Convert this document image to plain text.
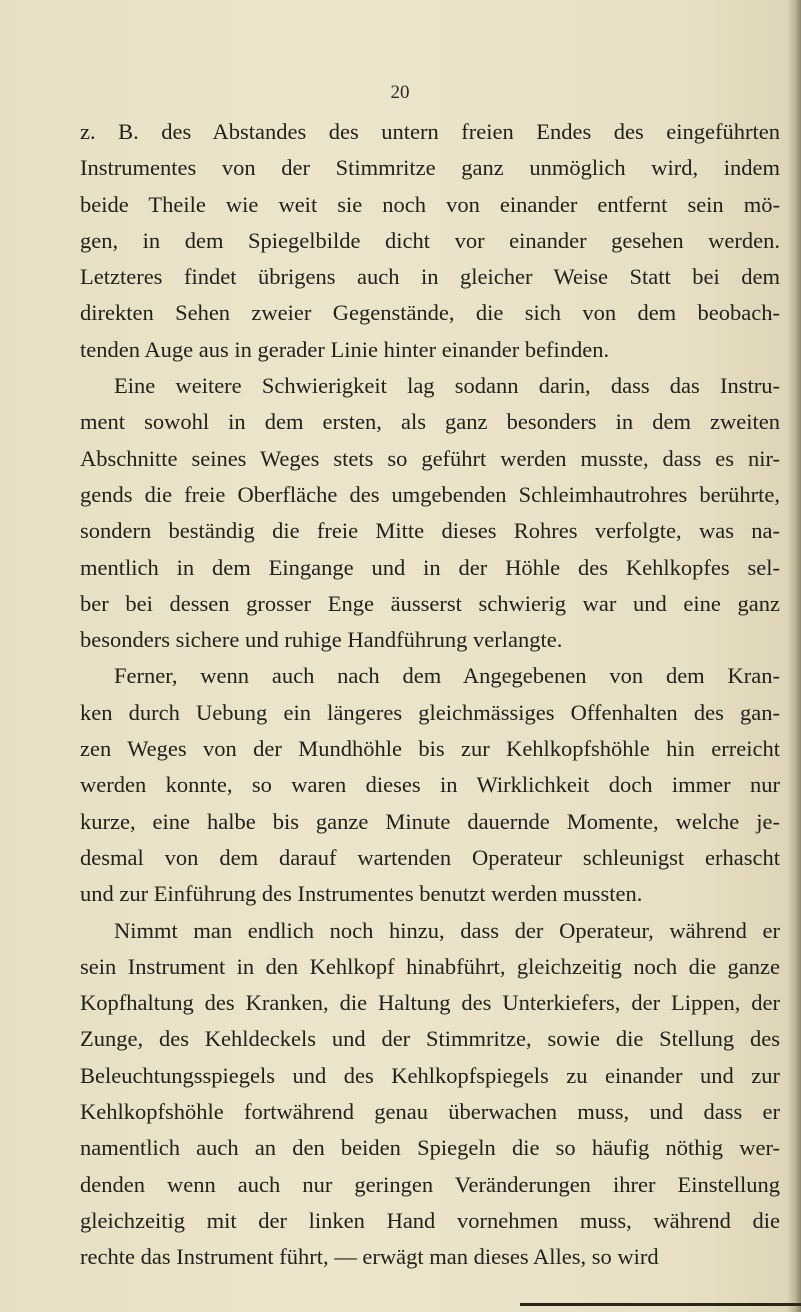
20
z. B. des Abstandes des untern freien Endes des eingeführten
Instrumentes von der Stimmritze ganz unmöglich wird, indem
beide Theile wie weit sie noch von einander entfernt sein mö-
gen, in dem Spiegelbilde dicht vor einander gesehen werden.
Letzteres findet übrigens auch in gleicher Weise Statt bei dem
direkten Sehen zweier Gegenstände, die sich von dem beobach-
tenden Auge aus in gerader Linie hinter einander befinden.
Eine weitere Schwierigkeit lag sodann darin, dass das Instru-
ment sowohl in dem ersten, als ganz besonders in dem zweiten
Abschnitte seines Weges stets so geführt werden musste, dass es nir-
gends die freie Oberfläche des umgebenden Schleimhautrohres berührte,
sondern beständig die freie Mitte dieses Rohres verfolgte, was na-
mentlich in dem Eingange und in der Höhle des Kehlkopfes sel-
ber bei dessen grosser Enge äusserst schwierig war und eine ganz
besonders sichere und ruhige Handführung verlangte.
Ferner, wenn auch nach dem Angegebenen von dem Kran-
ken durch Uebung ein längeres gleichmässiges Offenhalten des gan-
zen Weges von der Mundhöhle bis zur Kehlkopfshöhle hin erreicht
werden konnte, so waren dieses in Wirklichkeit doch immer nur
kurze, eine halbe bis ganze Minute dauernde Momente, welche je-
desmal von dem darauf wartenden Operateur schleunigst erhascht
und zur Einführung des Instrumentes benutzt werden mussten.
Nimmt man endlich noch hinzu, dass der Operateur, während er
sein Instrument in den Kehlkopf hinabführt, gleichzeitig noch die ganze
Kopfhaltung des Kranken, die Haltung des Unterkiefers, der Lippen, der
Zunge, des Kehldeckels und der Stimmritze, sowie die Stellung des
Beleuchtungsspiegels und des Kehlkopfspiegels zu einander und zur
Kehlkopfshöhle fortwährend genau überwachen muss, und dass er
namentlich auch an den beiden Spiegeln die so häufig nöthig wer-
denden wenn auch nur geringen Veränderungen ihrer Einstellung
gleichzeitig mit der linken Hand vornehmen muss, während die
rechte das Instrument führt, — erwägt man dieses Alles, so wird
